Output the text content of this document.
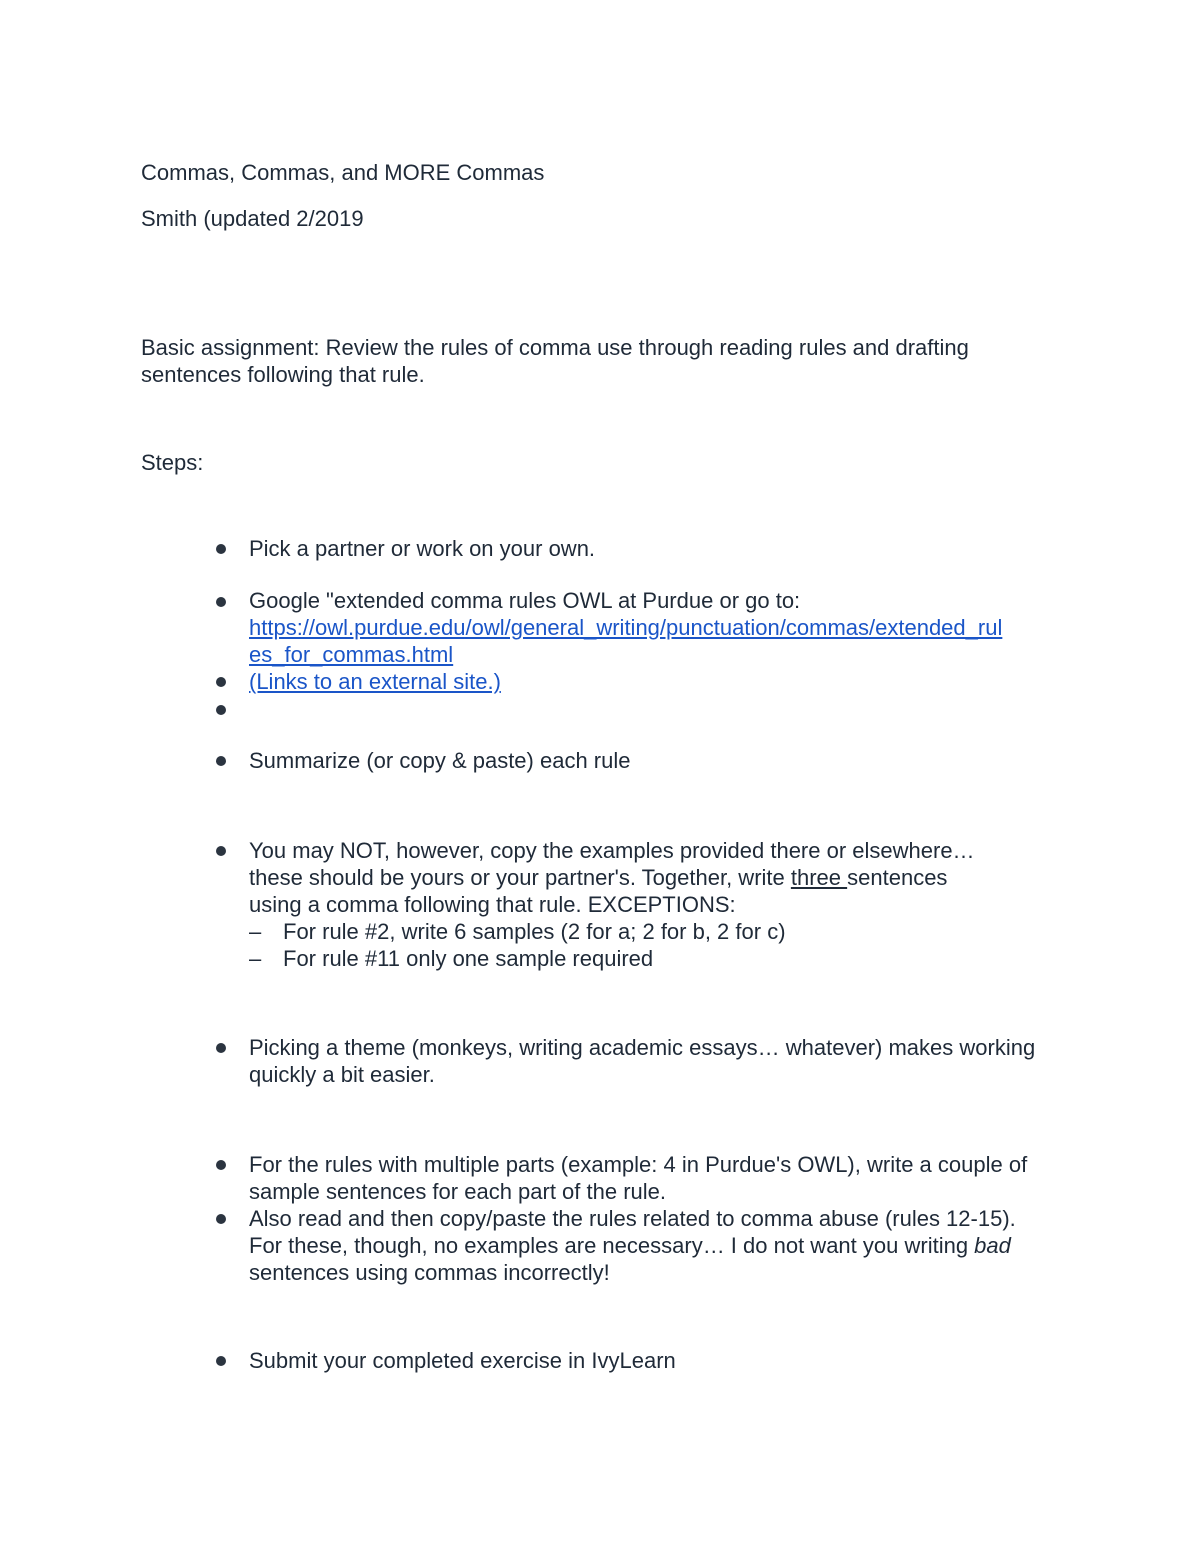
Commas, Commas, and MORE Commas
Smith (updated 2/2019
Basic assignment: Review the rules of comma use through reading rules and drafting sentences following that rule.
Steps:
Pick a partner or work on your own.
Google "extended comma rules OWL at Purdue or go to:
https://owl.purdue.edu/owl/general_writing/punctuation/commas/extended_rul
es_for_commas.html
(Links to an external site.)
Summarize (or copy & paste) each rule
You may NOT, however, copy the examples provided there or elsewhere…
these should be yours or your partner's. Together, write three sentences
using a comma following that rule. EXCEPTIONS:
– For rule #2, write 6 samples (2 for a; 2 for b, 2 for c)
– For rule #11 only one sample required
Picking a theme (monkeys, writing academic essays… whatever) makes working quickly a bit easier.
For the rules with multiple parts (example: 4 in Purdue's OWL), write a couple of sample sentences for each part of the rule.
Also read and then copy/paste the rules related to comma abuse (rules 12-15). For these, though, no examples are necessary… I do not want you writing bad sentences using commas incorrectly!
Submit your completed exercise in IvyLearn
